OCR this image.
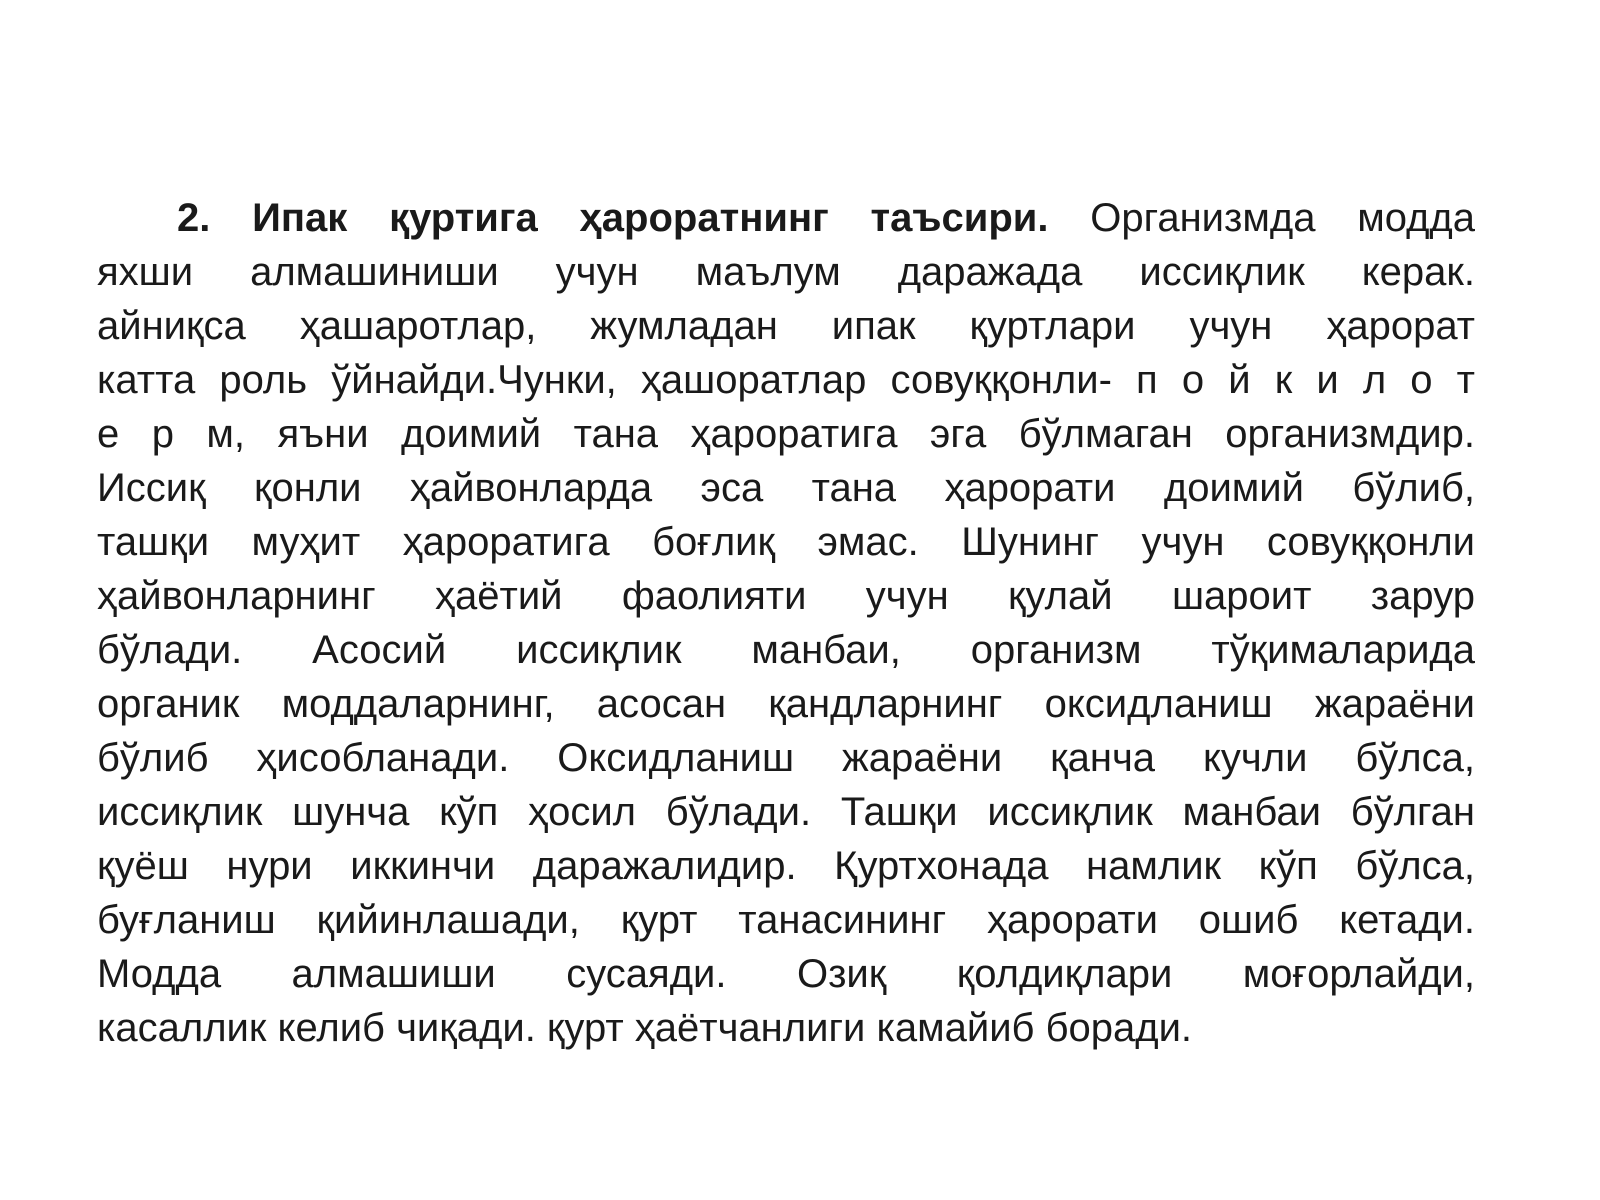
2. Ипак қуртига ҳароратнинг таъсири. Организмда модда
яхши алмашиниши учун маълум даражада иссиқлик керак.
айниқса ҳашаротлар, жумладан ипак қуртлари учун ҳарорат
катта роль ўйнайди.Чунки, ҳашоратлар совуққонли- п о й к и л о т
е р м, яъни доимий тана ҳароратига эга бўлмаган организмдир.
Иссиқ қонли ҳайвонларда эса тана ҳарорати доимий бўлиб,
ташқи муҳит ҳароратига боғлиқ эмас. Шунинг учун совуққонли
ҳайвонларнинг ҳаётий фаолияти учун қулай шароит зарур
бўлади. Асосий иссиқлик манбаи, организм тўқималарида
органик моддаларнинг, асосан қандларнинг оксидланиш жараёни
бўлиб ҳисобланади. Оксидланиш жараёни қанча кучли бўлса,
иссиқлик шунча кўп ҳосил бўлади. Ташқи иссиқлик манбаи бўлган
қуёш нури иккинчи даражалидир. Қуртхонада намлик кўп бўлса,
буғланиш қийинлашади, қурт танасининг ҳарорати ошиб кетади.
Модда алмашиши сусаяди. Озиқ қолдиқлари моғорлайди,
касаллик келиб чиқади. қурт ҳаётчанлиги камайиб боради.
